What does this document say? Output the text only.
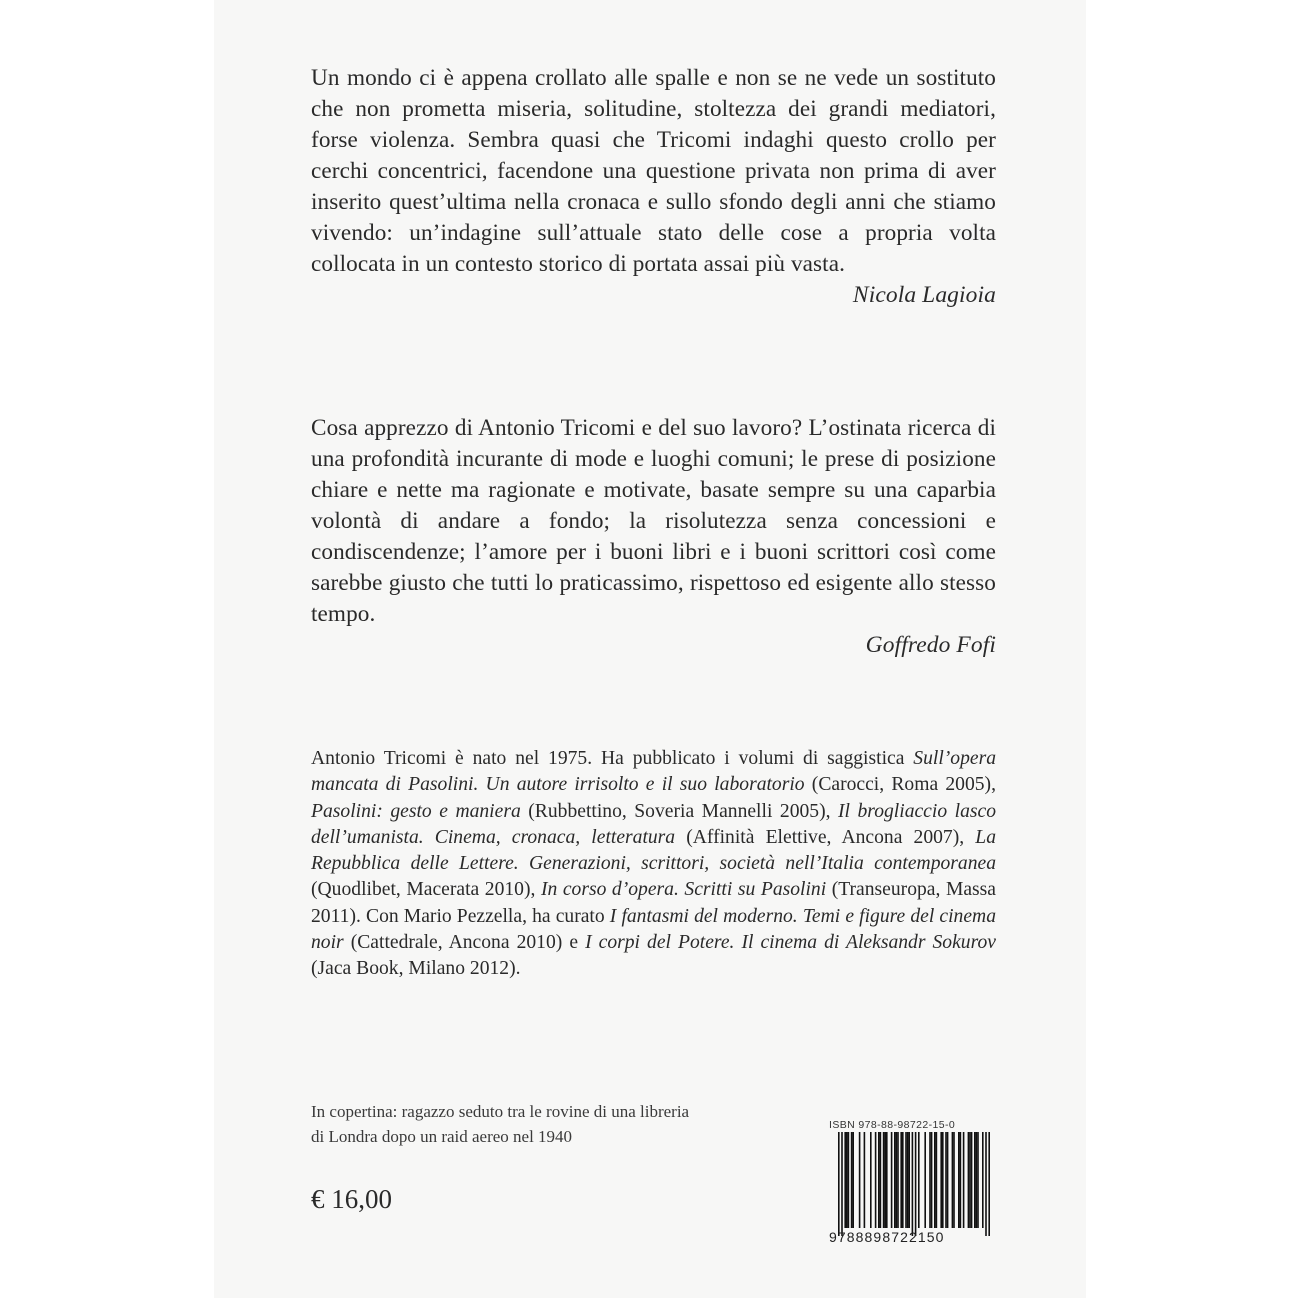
Un mondo ci è appena crollato alle spalle e non se ne vede un sostituto che non prometta miseria, solitudine, stoltezza dei grandi mediatori, forse violenza. Sembra quasi che Tricomi indaghi questo crollo per cerchi concentrici, facendone una questione privata non prima di aver inserito quest’ultima nella cronaca e sullo sfondo degli anni che stiamo vivendo: un’indagine sull’attuale stato delle cose a propria volta collocata in un contesto storico di portata assai più vasta.

Nicola Lagioia

Cosa apprezzo di Antonio Tricomi e del suo lavoro? L’ostinata ricerca di una profondità incurante di mode e luoghi comuni; le prese di posizione chiare e nette ma ragionate e motivate, basate sempre su una caparbia volontà di andare a fondo; la risolutezza senza concessioni e condiscendenze; l’amore per i buoni libri e i buoni scrittori così come sarebbe giusto che tutti lo praticassimo, rispettoso ed esigente allo stesso tempo.

Goffredo Fofi
Antonio Tricomi è nato nel 1975. Ha pubblicato i volumi di saggistica Sull’opera mancata di Pasolini. Un autore irrisolto e il suo laboratorio (Carocci, Roma 2005), Pasolini: gesto e maniera (Rubbettino, Soveria Mannelli 2005), Il brogliaccio lasco dell’umanista. Cinema, cronaca, letteratura (Affinità Elettive, Ancona 2007), La Repubblica delle Lettere. Generazioni, scrittori, società nell’Italia contemporanea (Quodlibet, Macerata 2010), In corso d’opera. Scritti su Pasolini (Transeuropa, Massa 2011). Con Mario Pezzella, ha curato I fantasmi del moderno. Temi e figure del cinema noir (Cattedrale, Ancona 2010) e I corpi del Potere. Il cinema di Aleksandr Sokurov (Jaca Book, Milano 2012).
In copertina: ragazzo seduto tra le rovine di una libreria
di Londra dopo un raid aereo nel 1940
€ 16,00
ISBN 978-88-98722-15-0
9788898722150
